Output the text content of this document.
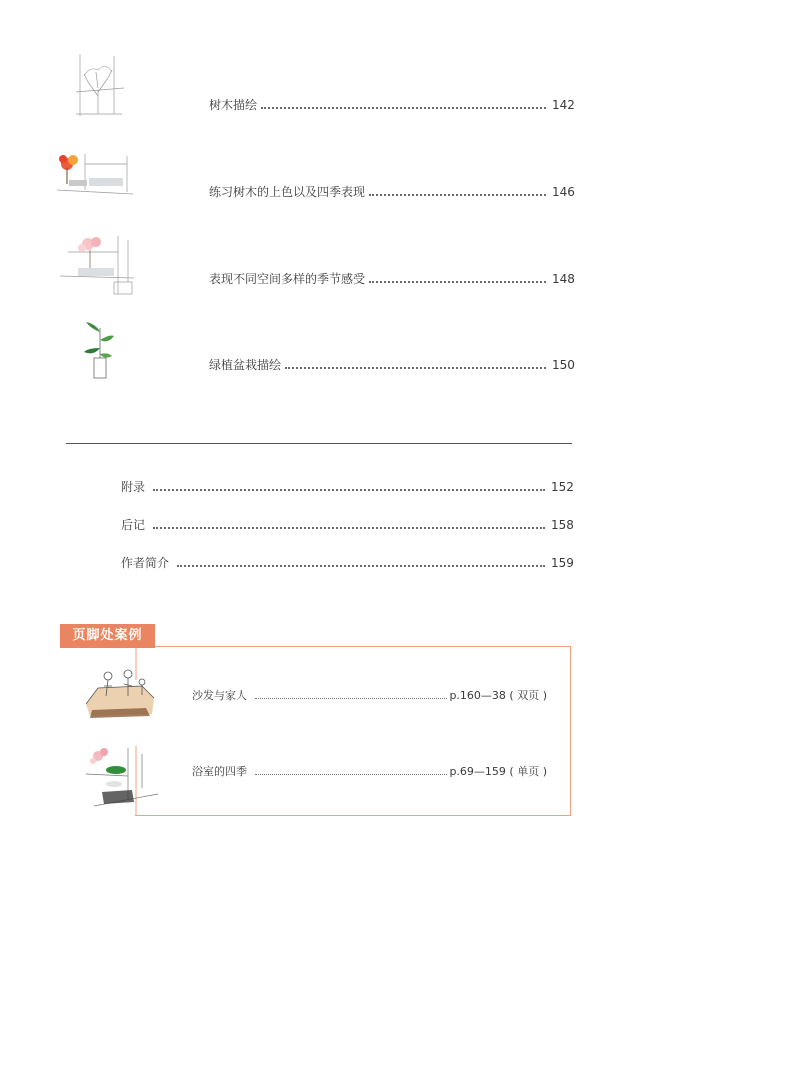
树木描绘	142
练习树木的上色以及四季表现	146
表现不同空间多样的季节感受	148
绿植盆栽描绘	150
附录	152
后记	158
作者简介	159
页脚处案例
沙发与家人	p.160—38 ( 双页 )
浴室的四季	p.69—159 ( 单页 )
